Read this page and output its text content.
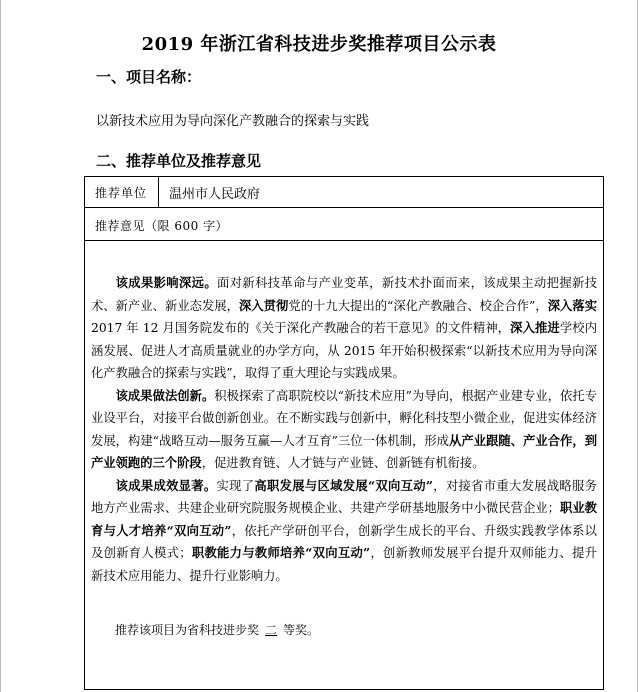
2019 年浙江省科技进步奖推荐项目公示表
一、项目名称：
以新技术应用为导向深化产教融合的探索与实践
二、推荐单位及推荐意见
推荐单位 温州市人民政府
推荐意见（限 600 字）

该成果影响深远。面对新科技革命与产业变革，新技术扑面而来，该成果主动把握新技术、新产业、新业态发展，深入贯彻党的十九大提出的“深化产教融合、校企合作”，深入落实 2017 年 12 月国务院发布的《关于深化产教融合的若干意见》的文件精神，深入推进学校内涵发展、促进人才高质量就业的办学方向，从 2015 年开始积极探索“以新技术应用为导向深化产教融合的探索与实践”，取得了重大理论与实践成果。

该成果做法创新。积极探索了高职院校以“新技术应用”为导向，根据产业建专业，依托专业设平台，对接平台做创新创业。在不断实践与创新中，孵化科技型小微企业，促进实体经济发展，构建“战略互动—服务互赢—人才互育”三位一体机制，形成从产业跟随、产业合作，到产业领跑的三个阶段，促进教育链、人才链与产业链、创新链有机衔接。

该成果成效显著。实现了高职发展与区域发展“双向互动”，对接省市重大发展战略服务地方产业需求、共建企业研究院服务规模企业、共建产学研基地服务中小微民营企业；职业教育与人才培养“双向互动”，依托产学研创平台，创新学生成长的平台、升级实践教学体系以及创新育人模式；职教能力与教师培养“双向互动”，创新教师发展平台提升双师能力、提升新技术应用能力、提升行业影响力。

推荐该项目为省科技进步奖 二 等奖。
